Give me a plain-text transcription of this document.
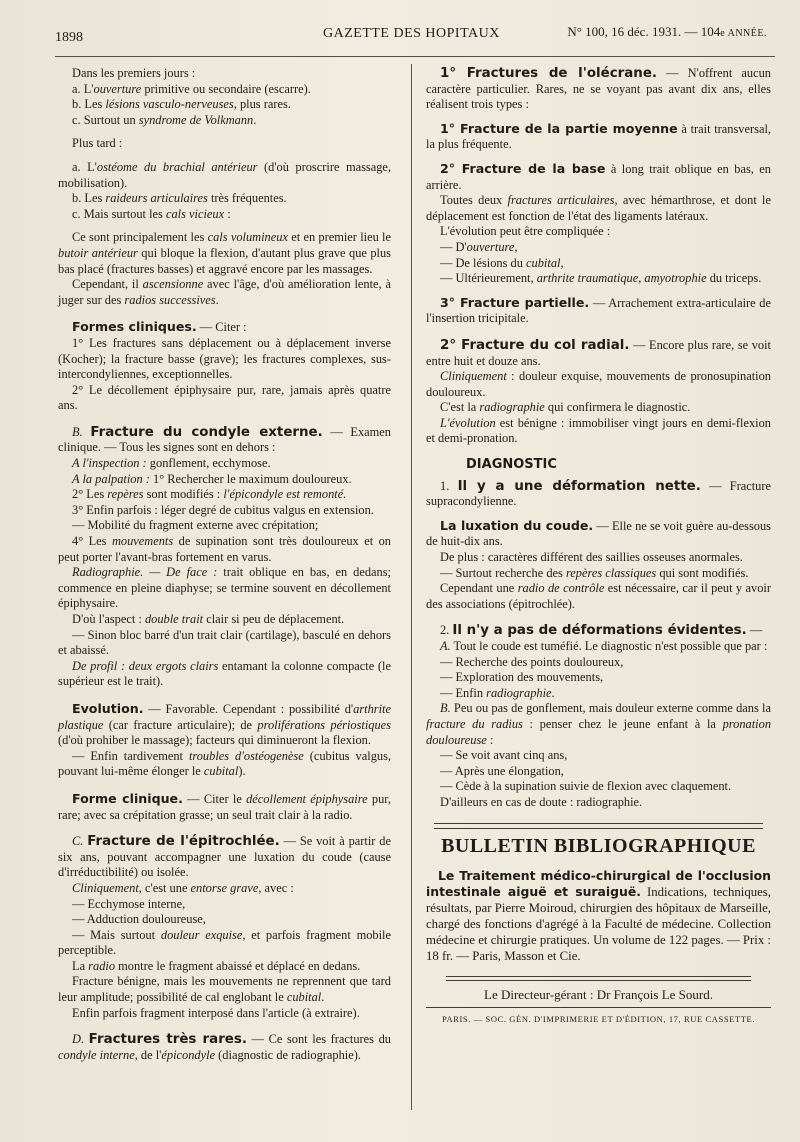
1898	GAZETTE DES HOPITAUX	N° 100, 16 déc. 1931. — 104e ANNÉE.

Dans les premiers jours :

a. L'ouverture primitive ou secondaire (escarre).

b. Les lésions vasculo-nerveuses, plus rares.

c. Surtout un syndrome de Volkmann.

Plus tard :

a. L'ostéome du brachial antérieur (d'où proscrire massage, mobilisation).

b. Les raideurs articulaires très fréquentes.

c. Mais surtout les cals vicieux :

Ce sont principalement les cals volumineux et en premier lieu le butoir antérieur qui bloque la flexion, d'autant plus grave que plus bas placé (fractures basses) et aggravé encore par les massages.

Cependant, il ascensionne avec l'âge, d'où amélioration lente, à juger sur des radios successives.

Formes cliniques. — Citer :

1° Les fractures sans déplacement ou à déplacement inverse (Kocher); la fracture basse (grave); les fractures complexes, sus-intercondyliennes, exceptionnelles.

2° Le décollement épiphysaire pur, rare, jamais après quatre ans.

B. Fracture du condyle externe. — Examen clinique. — Tous les signes sont en dehors :

A l'inspection : gonflement, ecchymose.

A la palpation : 1° Rechercher le maximum douloureux.

2° Les repères sont modifiés : l'épicondyle est remonté.

3° Enfin parfois : léger degré de cubitus valgus en extension.

— Mobilité du fragment externe avec crépitation;

4° Les mouvements de supination sont très douloureux et on peut porter l'avant-bras fortement en varus.

Radiographie. — De face : trait oblique en bas, en dedans; commence en pleine diaphyse; se termine souvent en décollement épiphysaire.

D'où l'aspect : double trait clair si peu de déplacement.

— Sinon bloc barré d'un trait clair (cartilage), basculé en dehors et abaissé.

De profil : deux ergots clairs entamant la colonne compacte (le supérieur est le trait).

Evolution. — Favorable. Cependant : possibilité d'arthrite plastique (car fracture articulaire); de proliférations périostiques (d'où prohiber le massage); facteurs qui diminueront la flexion.

— Enfin tardivement troubles d'ostéogenèse (cubitus valgus, pouvant lui-même élonger le cubital).

Forme clinique. — Citer le décollement épiphysaire pur, rare; avec sa crépitation grasse; un seul trait clair à la radio.

C. Fracture de l'épitrochlée. — Se voit à partir de six ans, pouvant accompagner une luxation du coude (cause d'irréductibilité) ou isolée.

Cliniquement, c'est une entorse grave, avec :

— Ecchymose interne,

— Adduction douloureuse,

— Mais surtout douleur exquise, et parfois fragment mobile perceptible.

La radio montre le fragment abaissé et déplacé en dedans.

Fracture bénigne, mais les mouvements ne reprennent que tard leur amplitude; possibilité de cal englobant le cubital.

Enfin parfois fragment interposé dans l'article (à extraire).

D. Fractures très rares. — Ce sont les fractures du condyle interne, de l'épicondyle (diagnostic de radiographie).

1° Fractures de l'olécrane. — N'offrent aucun caractère particulier. Rares, ne se voyant pas avant dix ans, elles réalisent trois types :

1° Fracture de la partie moyenne à trait transversal, la plus fréquente.

2° Fracture de la base à long trait oblique en bas, en arrière.

Toutes deux fractures articulaires, avec hémarthrose, et dont le déplacement est fonction de l'état des ligaments latéraux.

L'évolution peut être compliquée :

— D'ouverture,

— De lésions du cubital,

— Ultérieurement, arthrite traumatique, amyotrophie du triceps.

3° Fracture partielle. — Arrachement extra-articulaire de l'insertion tricipitale.

2° Fracture du col radial. — Encore plus rare, se voit entre huit et douze ans.

Cliniquement : douleur exquise, mouvements de pronosupination douloureux.

C'est la radiographie qui confirmera le diagnostic.

L'évolution est bénigne : immobiliser vingt jours en demi-flexion et demi-pronation.

DIAGNOSTIC

1. Il y a une déformation nette. — Fracture supracondylienne.

La luxation du coude. — Elle ne se voit guère au-dessous de huit-dix ans.

De plus : caractères différent des saillies osseuses anormales.

— Surtout recherche des repères classiques qui sont modifiés.

Cependant une radio de contrôle est nécessaire, car il peut y avoir des associations (épitrochlée).

2. Il n'y a pas de déformations évidentes. —

A. Tout le coude est tuméfié. Le diagnostic n'est possible que par :

— Recherche des points douloureux,

— Exploration des mouvements,

— Enfin radiographie.

B. Peu ou pas de gonflement, mais douleur externe comme dans la fracture du radius : penser chez le jeune enfant à la pronation douloureuse :

— Se voit avant cinq ans,

— Après une élongation,

— Cède à la supination suivie de flexion avec claquement.

D'ailleurs en cas de doute : radiographie.

BULLETIN BIBLIOGRAPHIQUE

Le Traitement médico-chirurgical de l'occlusion intestinale aiguë et suraiguë. Indications, techniques, résultats, par Pierre Moiroud, chirurgien des hôpitaux de Marseille, chargé des fonctions d'agrégé à la Faculté de médecine. Collection médecine et chirurgie pratiques. Un volume de 122 pages. — Prix : 18 fr. — Paris, Masson et Cie.

Le Directeur-gérant : Dr François Le Sourd.
PARIS. — SOC. GÉN. D'IMPRIMERIE ET D'ÉDITION, 17, RUE CASSETTE.
